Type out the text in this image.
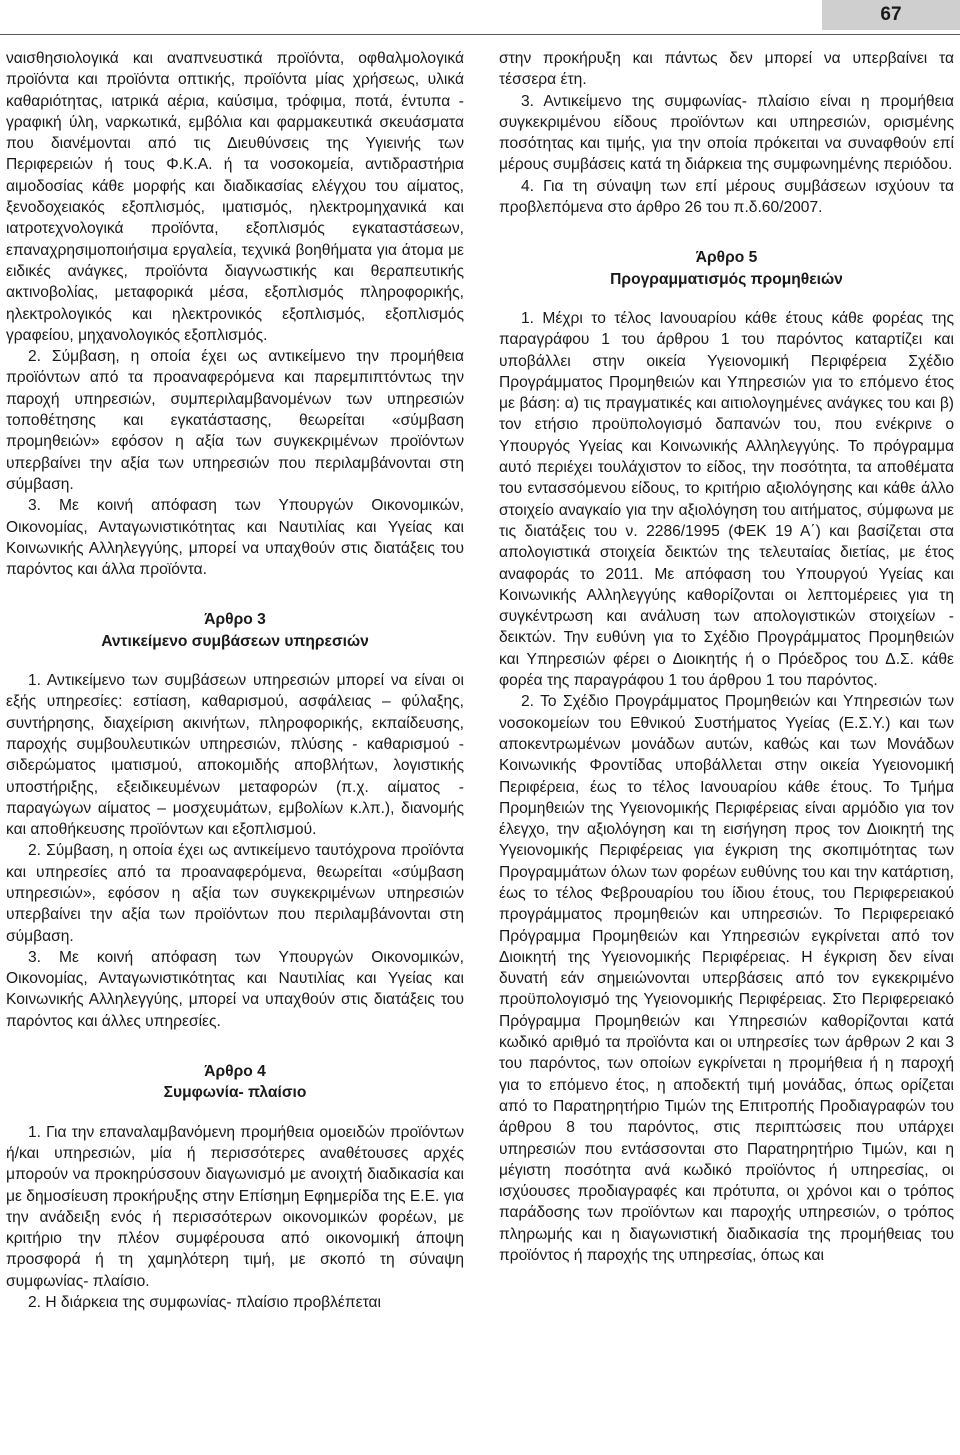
67

ναισθησιολογικά και αναπνευστικά προϊόντα, οφθαλμολογικά προϊόντα και προϊόντα οπτικής, προϊόντα μίας χρήσεως, υλικά καθαριότητας, ιατρικά αέρια, καύσιμα, τρόφιμα, ποτά, έντυπα - γραφική ύλη, ναρκωτικά, εμβόλια και φαρμακευτικά σκευάσματα που διανέμονται από τις Διευθύνσεις της Υγιεινής των Περιφερειών ή τους Φ.Κ.Α. ή τα νοσοκομεία, αντιδραστήρια αιμοδοσίας κάθε μορφής και διαδικασίας ελέγχου του αίματος, ξενοδοχειακός εξοπλισμός, ιματισμός, ηλεκτρομηχανικά και ιατροτεχνολογικά προϊόντα, εξοπλισμός εγκαταστάσεων, επαναχρησιμοποιήσιμα εργαλεία, τεχνικά βοηθήματα για άτομα με ειδικές ανάγκες, προϊόντα διαγνωστικής και θεραπευτικής ακτινοβολίας, μεταφορικά μέσα, εξοπλισμός πληροφορικής, ηλεκτρολογικός και ηλεκτρονικός εξοπλισμός, εξοπλισμός γραφείου, μηχανολογικός εξοπλισμός.

2. Σύμβαση, η οποία έχει ως αντικείμενο την προμήθεια προϊόντων από τα προαναφερόμενα και παρεμπιπτόντως την παροχή υπηρεσιών, συμπεριλαμβανομένων των υπηρεσιών τοποθέτησης και εγκατάστασης, θεωρείται «σύμβαση προμηθειών» εφόσον η αξία των συγκεκριμένων προϊόντων υπερβαίνει την αξία των υπηρεσιών που περιλαμβάνονται στη σύμβαση.

3. Με κοινή απόφαση των Υπουργών Οικονομικών, Οικονομίας, Ανταγωνιστικότητας και Ναυτιλίας και Υγείας και Κοινωνικής Αλληλεγγύης, μπορεί να υπαχθούν στις διατάξεις του παρόντος και άλλα προϊόντα.

Άρθρο 3
Αντικείμενο συμβάσεων υπηρεσιών

1. Αντικείμενο των συμβάσεων υπηρεσιών μπορεί να είναι οι εξής υπηρεσίες: εστίαση, καθαρισμού, ασφάλειας – φύλαξης, συντήρησης, διαχείριση ακινήτων, πληροφορικής, εκπαίδευσης, παροχής συμβουλευτικών υπηρεσιών, πλύσης - καθαρισμού - σιδερώματος ιματισμού, αποκομιδής αποβλήτων, λογιστικής υποστήριξης, εξειδικευμένων μεταφορών (π.χ. αίματος - παραγώγων αίματος – μοσχευμάτων, εμβολίων κ.λπ.), διανομής και αποθήκευσης προϊόντων και εξοπλισμού.

2. Σύμβαση, η οποία έχει ως αντικείμενο ταυτόχρονα προϊόντα και υπηρεσίες από τα προαναφερόμενα, θεωρείται «σύμβαση υπηρεσιών», εφόσον η αξία των συγκεκριμένων υπηρεσιών υπερβαίνει την αξία των προϊόντων που περιλαμβάνονται στη σύμβαση.

3. Με κοινή απόφαση των Υπουργών Οικονομικών, Οικονομίας, Ανταγωνιστικότητας και Ναυτιλίας και Υγείας και Κοινωνικής Αλληλεγγύης, μπορεί να υπαχθούν στις διατάξεις του παρόντος και άλλες υπηρεσίες.

Άρθρο 4
Συμφωνία- πλαίσιο

1. Για την επαναλαμβανόμενη προμήθεια ομοειδών προϊόντων ή/και υπηρεσιών, μία ή περισσότερες αναθέτουσες αρχές μπορούν να προκηρύσσουν διαγωνισμό με ανοιχτή διαδικασία και με δημοσίευση προκήρυξης στην Επίσημη Εφημερίδα της Ε.Ε. για την ανάδειξη ενός ή περισσότερων οικονομικών φορέων, με κριτήριο την πλέον συμφέρουσα από οικονομική άποψη προσφορά ή τη χαμηλότερη τιμή, με σκοπό τη σύναψη συμφωνίας- πλαίσιο.

2. Η διάρκεια της συμφωνίας- πλαίσιο προβλέπεται

στην προκήρυξη και πάντως δεν μπορεί να υπερβαίνει τα τέσσερα έτη.

3. Αντικείμενο της συμφωνίας- πλαίσιο είναι η προμήθεια συγκεκριμένου είδους προϊόντων και υπηρεσιών, ορισμένης ποσότητας και τιμής, για την οποία πρόκειται να συναφθούν επί μέρους συμβάσεις κατά τη διάρκεια της συμφωνημένης περιόδου.

4. Για τη σύναψη των επί μέρους συμβάσεων ισχύουν τα προβλεπόμενα στο άρθρο 26 του π.δ.60/2007.

Άρθρο 5
Προγραμματισμός προμηθειών

1. Μέχρι το τέλος Ιανουαρίου κάθε έτους κάθε φορέας της παραγράφου 1 του άρθρου 1 του παρόντος καταρτίζει και υποβάλλει στην οικεία Υγειονομική Περιφέρεια Σχέδιο Προγράμματος Προμηθειών και Υπηρεσιών για το επόμενο έτος με βάση: α) τις πραγματικές και αιτιολογημένες ανάγκες του και β) τον ετήσιο προϋπολογισμό δαπανών του, που ενέκρινε ο Υπουργός Υγείας και Κοινωνικής Αλληλεγγύης. Το πρόγραμμα αυτό περιέχει τουλάχιστον το είδος, την ποσότητα, τα αποθέματα του εντασσόμενου είδους, το κριτήριο αξιολόγησης και κάθε άλλο στοιχείο αναγκαίο για την αξιολόγηση του αιτήματος, σύμφωνα με τις διατάξεις του ν. 2286/1995 (ΦΕΚ 19 Α΄) και βασίζεται στα απολογιστικά στοιχεία δεικτών της τελευταίας διετίας, με έτος αναφοράς το 2011. Με απόφαση του Υπουργού Υγείας και Κοινωνικής Αλληλεγγύης καθορίζονται οι λεπτομέρειες για τη συγκέντρωση και ανάλυση των απολογιστικών στοιχείων - δεικτών. Την ευθύνη για το Σχέδιο Προγράμματος Προμηθειών και Υπηρεσιών φέρει ο Διοικητής ή ο Πρόεδρος του Δ.Σ. κάθε φορέα της παραγράφου 1 του άρθρου 1 του παρόντος.

2. Το Σχέδιο Προγράμματος Προμηθειών και Υπηρεσιών των νοσοκομείων του Εθνικού Συστήματος Υγείας (Ε.Σ.Υ.) και των αποκεντρωμένων μονάδων αυτών, καθώς και των Μονάδων Κοινωνικής Φροντίδας υποβάλλεται στην οικεία Υγειονομική Περιφέρεια, έως το τέλος Ιανουαρίου κάθε έτους. Το Τμήμα Προμηθειών της Υγειονομικής Περιφέρειας είναι αρμόδιο για τον έλεγχο, την αξιολόγηση και τη εισήγηση προς τον Διοικητή της Υγειονομικής Περιφέρειας για έγκριση της σκοπιμότητας των Προγραμμάτων όλων των φορέων ευθύνης του και την κατάρτιση, έως το τέλος Φεβρουαρίου του ίδιου έτους, του Περιφερειακού προγράμματος προμηθειών και υπηρεσιών. Το Περιφερειακό Πρόγραμμα Προμηθειών και Υπηρεσιών εγκρίνεται από τον Διοικητή της Υγειονομικής Περιφέρειας. Η έγκριση δεν είναι δυνατή εάν σημειώνονται υπερβάσεις από τον εγκεκριμένο προϋπολογισμό της Υγειονομικής Περιφέρειας. Στο Περιφερειακό Πρόγραμμα Προμηθειών και Υπηρεσιών καθορίζονται κατά κωδικό αριθμό τα προϊόντα και οι υπηρεσίες των άρθρων 2 και 3 του παρόντος, των οποίων εγκρίνεται η προμήθεια ή η παροχή για το επόμενο έτος, η αποδεκτή τιμή μονάδας, όπως ορίζεται από το Παρατηρητήριο Τιμών της Επιτροπής Προδιαγραφών του άρθρου 8 του παρόντος, στις περιπτώσεις που υπάρχει υπηρεσιών που εντάσσονται στο Παρατηρητήριο Τιμών, και η μέγιστη ποσότητα ανά κωδικό προϊόντος ή υπηρεσίας, οι ισχύουσες προδιαγραφές και πρότυπα, οι χρόνοι και ο τρόπος παράδοσης των προϊόντων και παροχής υπηρεσιών, ο τρόπος πληρωμής και η διαγωνιστική διαδικασία της προμήθειας του προϊόντος ή παροχής της υπηρεσίας, όπως και
